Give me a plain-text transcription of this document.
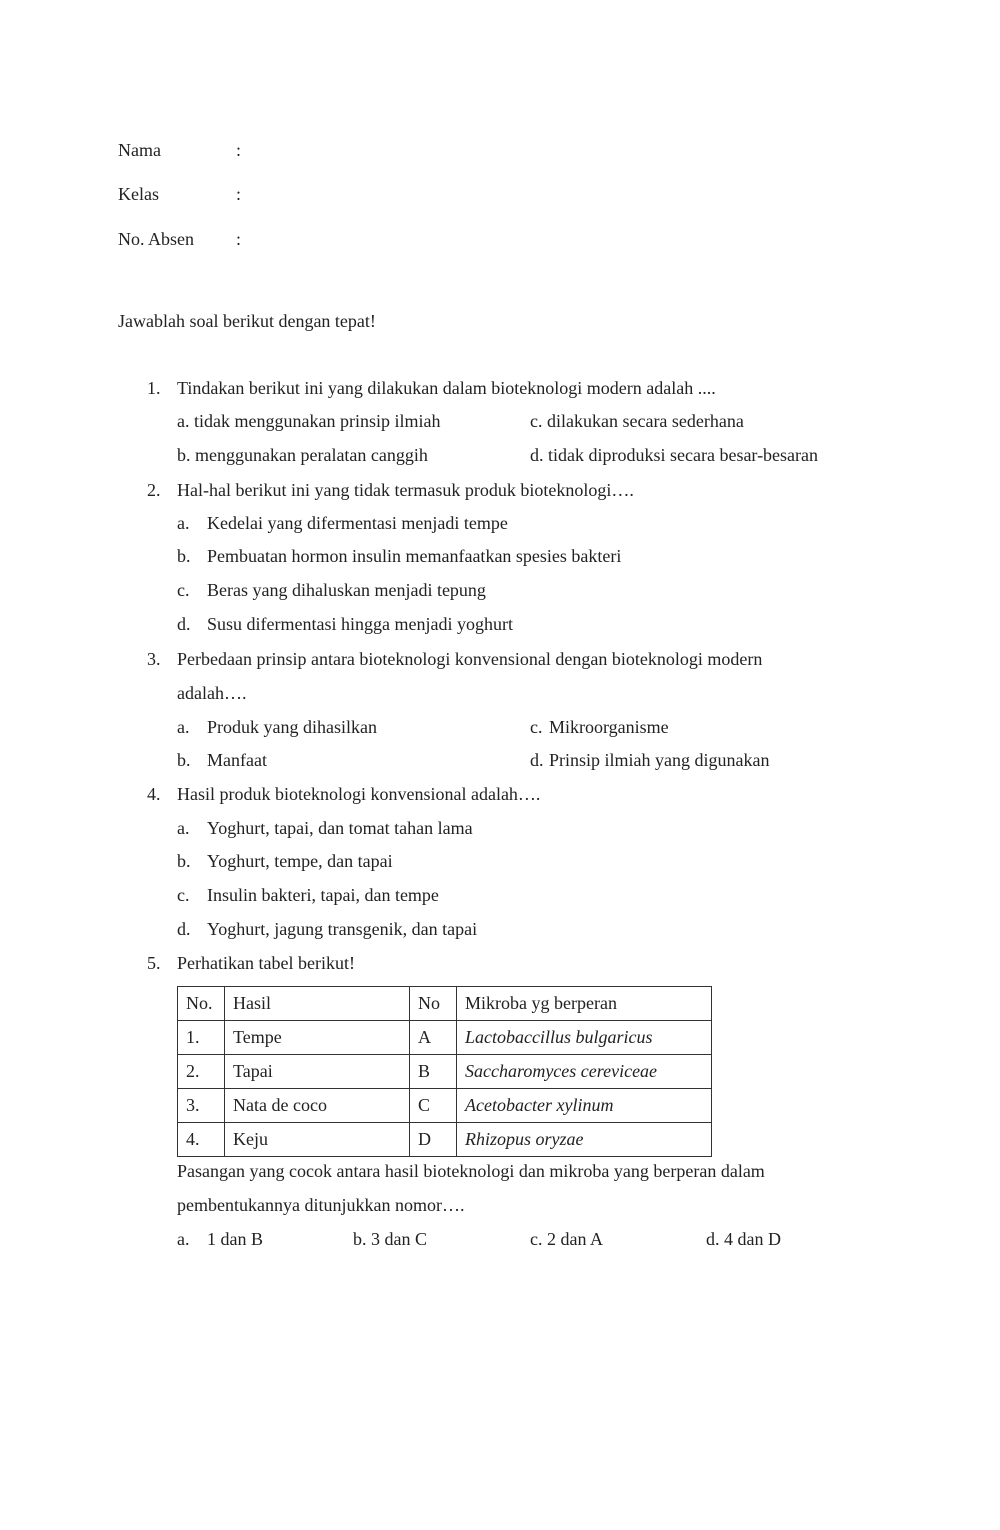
Nama	:
Kelas	:
No. Absen :
Jawablah soal berikut dengan tepat!
1. Tindakan berikut ini yang dilakukan dalam bioteknologi modern adalah ....
a. tidak menggunakan prinsip ilmiah	c. dilakukan secara sederhana
b. menggunakan peralatan canggih	d. tidak diproduksi secara besar-besaran
2. Hal-hal berikut ini yang tidak termasuk produk bioteknologi….
a. Kedelai yang difermentasi menjadi tempe
b. Pembuatan hormon insulin memanfaatkan spesies bakteri
c. Beras yang dihaluskan menjadi tepung
d. Susu difermentasi hingga menjadi yoghurt
3. Perbedaan prinsip antara bioteknologi konvensional dengan bioteknologi modern
adalah….
a. Produk yang dihasilkan	c. Mikroorganisme
b. Manfaat	d. Prinsip ilmiah yang digunakan
4. Hasil produk bioteknologi konvensional adalah….
a. Yoghurt, tapai, dan tomat tahan lama
b. Yoghurt, tempe, dan tapai
c. Insulin bakteri, tapai, dan tempe
d. Yoghurt, jagung transgenik, dan tapai
5. Perhatikan tabel berikut!
No.	Hasil	No	Mikroba yg berperan
1.	Tempe	A	Lactobaccillus bulgaricus
2.	Tapai	B	Saccharomyces cereviceae
3.	Nata de coco	C	Acetobacter xylinum
4.	Keju	D	Rhizopus oryzae
Pasangan yang cocok antara hasil bioteknologi dan mikroba yang berperan dalam
pembentukannya ditunjukkan nomor….
a. 1 dan B	b. 3 dan C	c. 2 dan A	d. 4 dan D
